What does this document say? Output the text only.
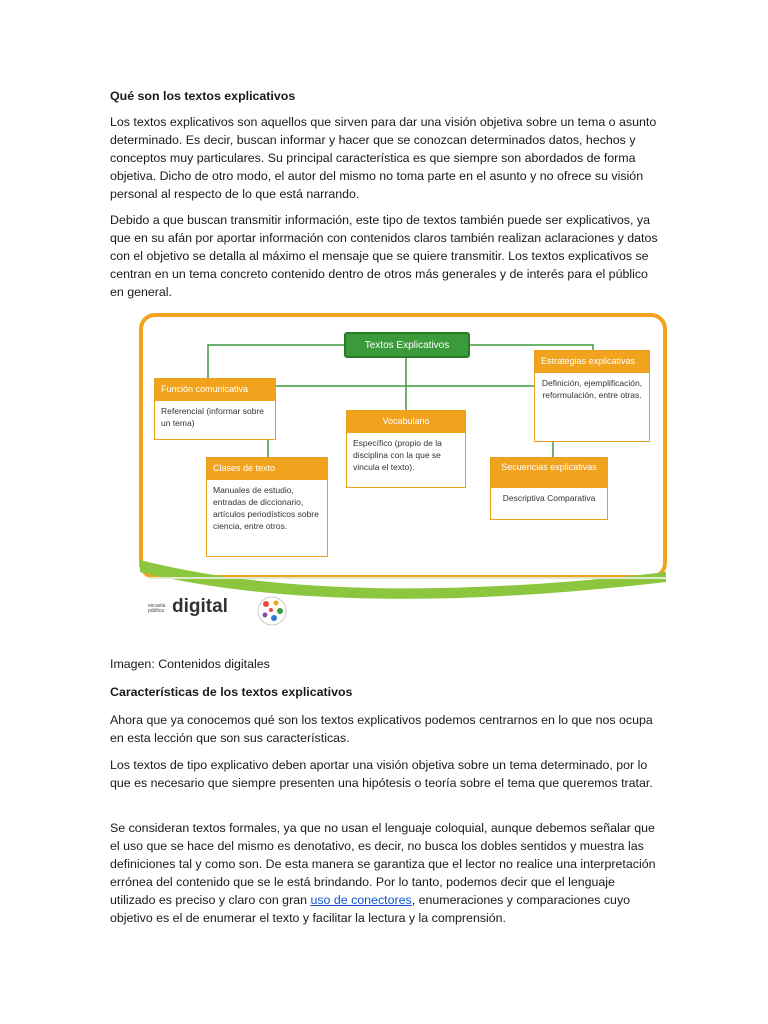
Qué son los textos explicativos

Los textos explicativos son aquellos que sirven para dar una visión objetiva sobre un tema o asunto determinado. Es decir, buscan informar y hacer que se conozcan determinados datos, hechos y conceptos muy particulares. Su principal característica es que siempre son abordados de forma objetiva. Dicho de otro modo, el autor del mismo no toma parte en el asunto y no ofrece su visión personal al respecto de lo que está narrando.

Debido a que buscan transmitir información, este tipo de textos también puede ser explicativos, ya que en su afán por aportar información con contenidos claros también realizan aclaraciones y datos con el objetivo se detalla al máximo el mensaje que se quiere transmitir. Los textos explicativos se centran en un tema concreto contenido dentro de otros más generales y de interés para el público en general.

Imagen: Contenidos digitales

Características de los textos explicativos

Ahora que ya conocemos qué son los textos explicativos podemos centrarnos en lo que nos ocupa en esta lección que son sus características.

Los textos de tipo explicativo deben aportar una visión objetiva sobre un tema determinado, por lo que es necesario que siempre presenten una hipótesis o teoría sobre el tema que queremos tratar.

Se consideran textos formales, ya que no usan el lenguaje coloquial, aunque debemos señalar que el uso que se hace del mismo es denotativo, es decir, no busca los dobles sentidos y muestra las definiciones tal y como son. De esta manera se garantiza que el lector no realice una interpretación errónea del contenido que se le está brindando. Por lo tanto, podemos decir que el lenguaje utilizado es preciso y claro con gran uso de conectores, enumeraciones y comparaciones cuyo objetivo es el de enumerar el texto y facilitar la lectura y la comprensión.

Textos Explicativos
Función comunicativa
Referencial (informar sobre un tema)	Vocabulario
Específico (propio de la disciplina con la que se vincula el texto).
Estrategias explicativas
Definición, ejemplificación, reformulación, entre otras.
Clases de texto
Manuales de estudio, entradas de diccionario, artículos periodísticos sobre ciencia, entre otros.
Secuencias explicativas
Descriptiva Comparativa
escuela pública digital
